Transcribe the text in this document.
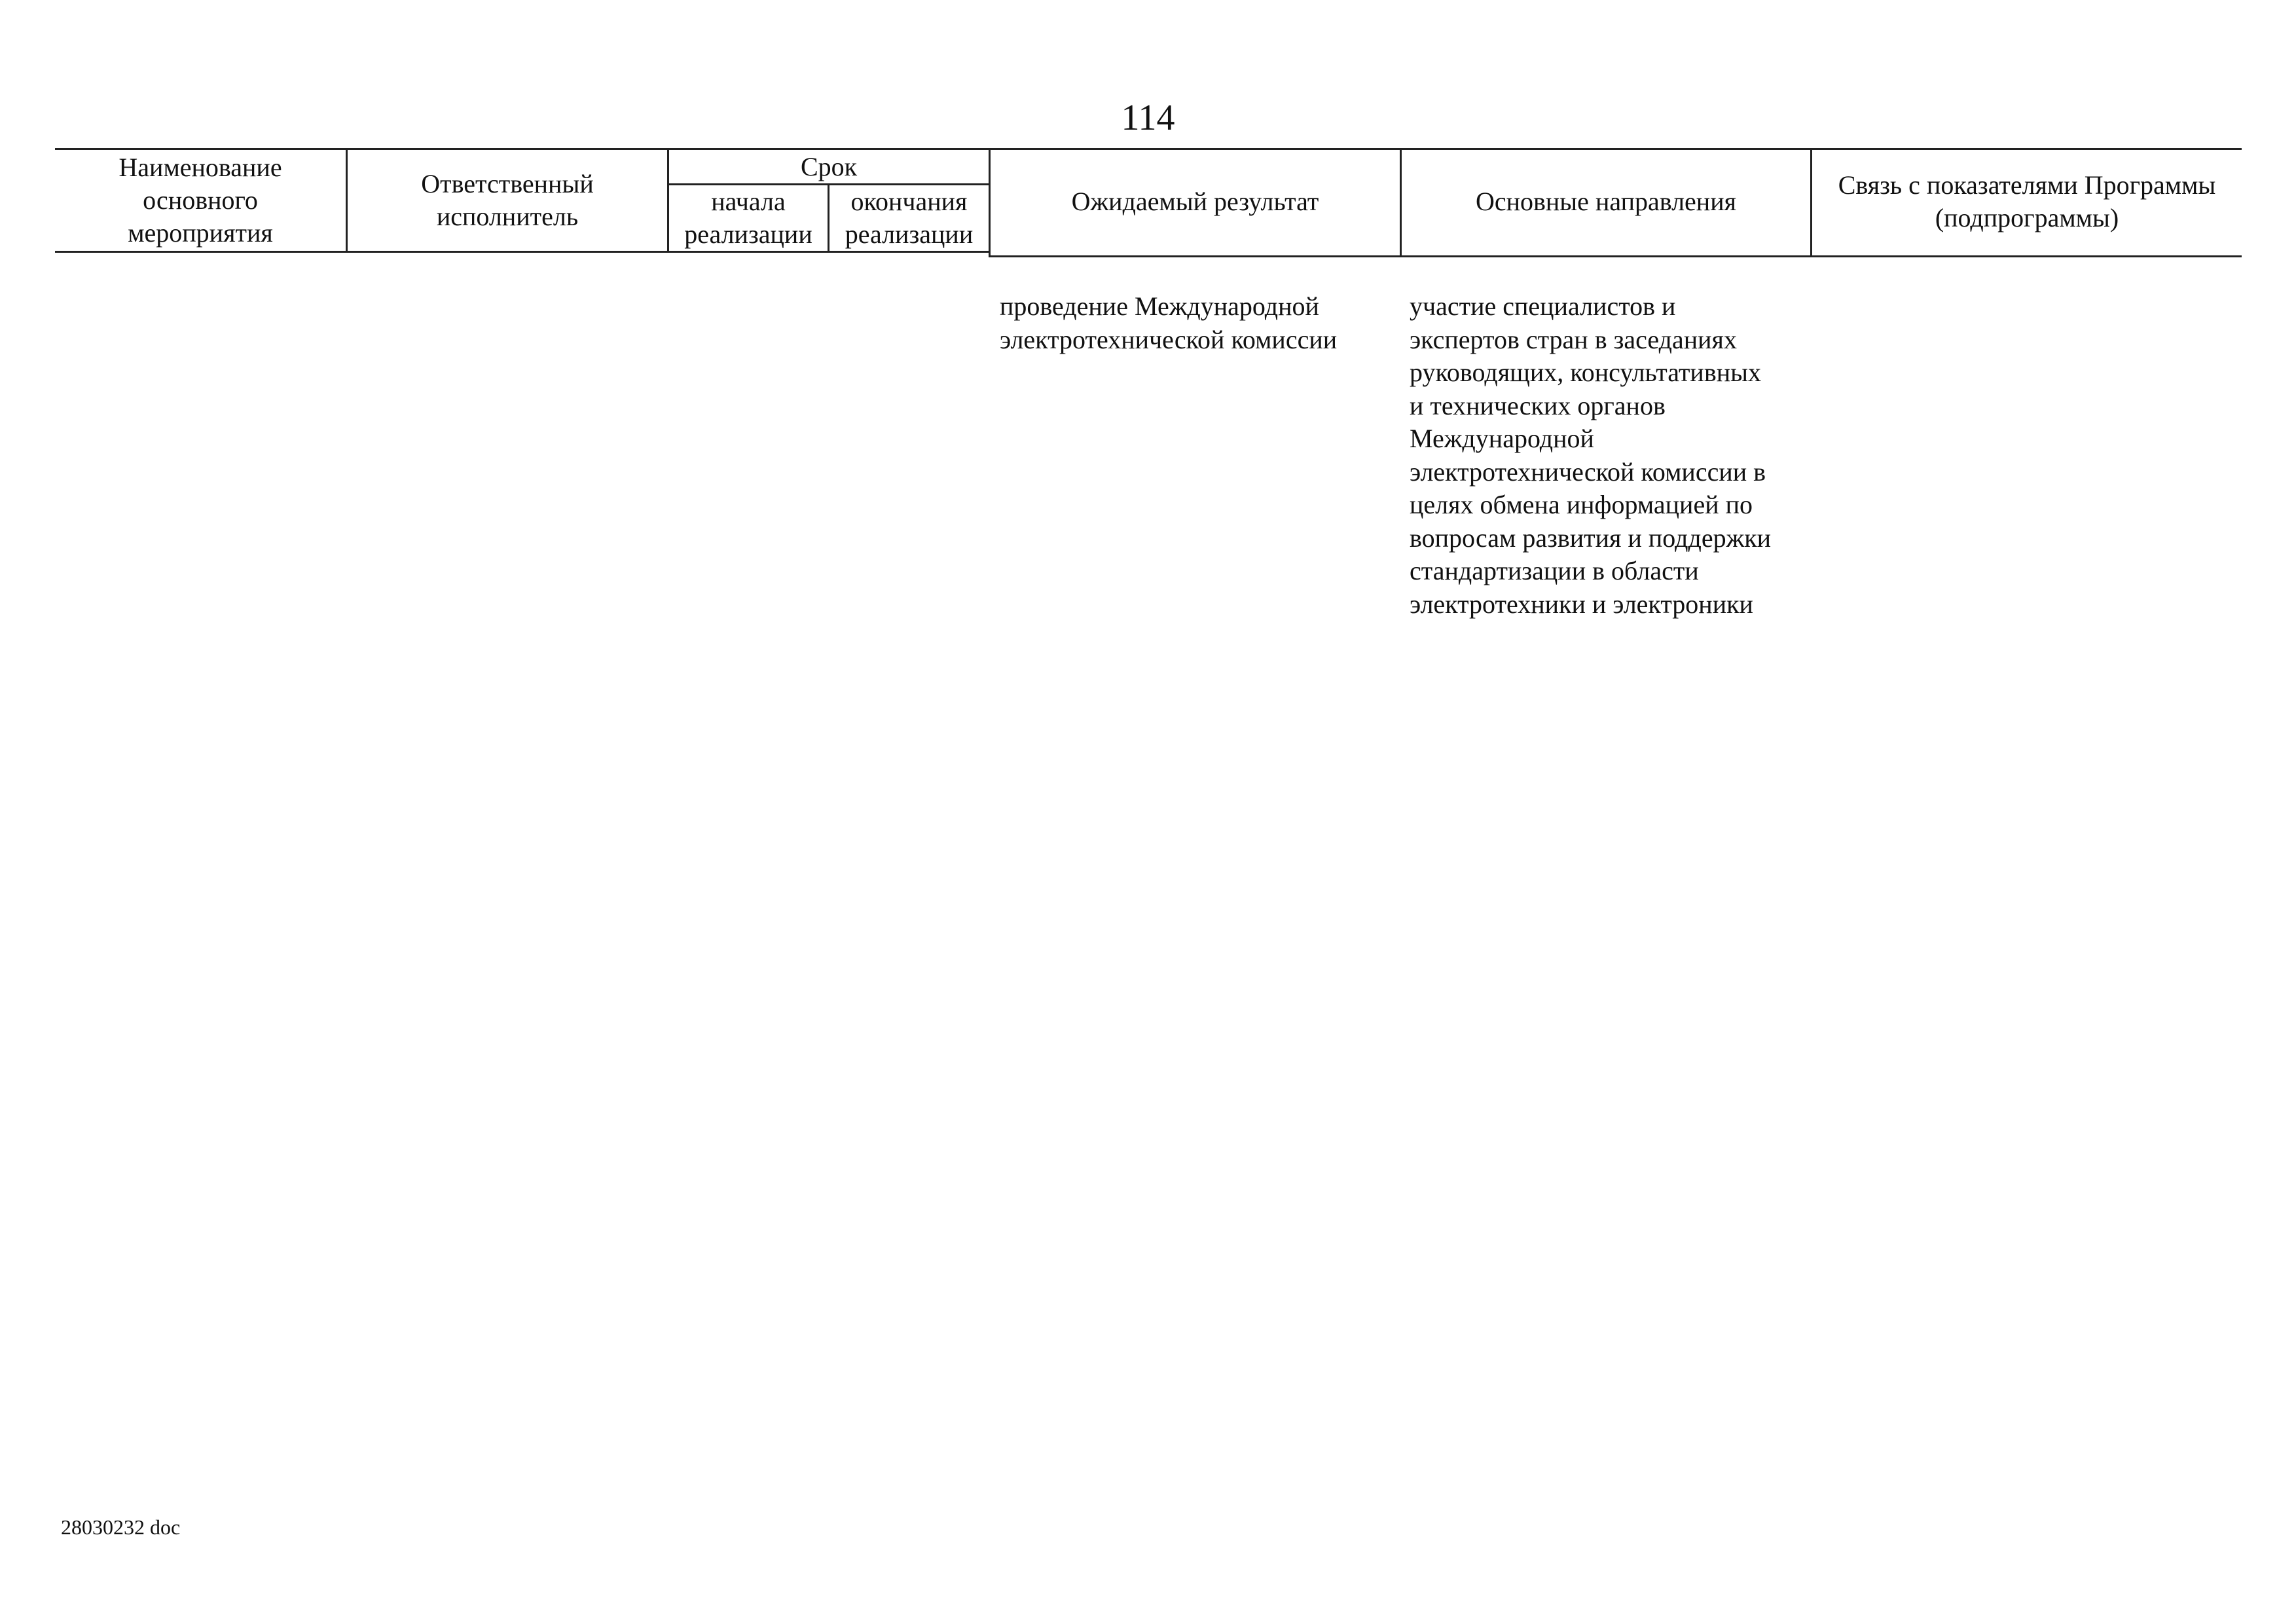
114
Наименование
основного
мероприятия
Ответственный
исполнитель
Срок
начала
реализации
окончания
реализации
Ожидаемый результат	Основные направления
Связь с показателями Программы
(подпрограммы)
проведение Международной
электротехнической комиссии
участие специалистов и
экспертов стран в заседаниях
руководящих, консультативных
и технических органов
Международной
электротехнической комиссии в
целях обмена информацией по
вопросам развития и поддержки
стандартизации в области
электротехники и электроники
28030232 doc
